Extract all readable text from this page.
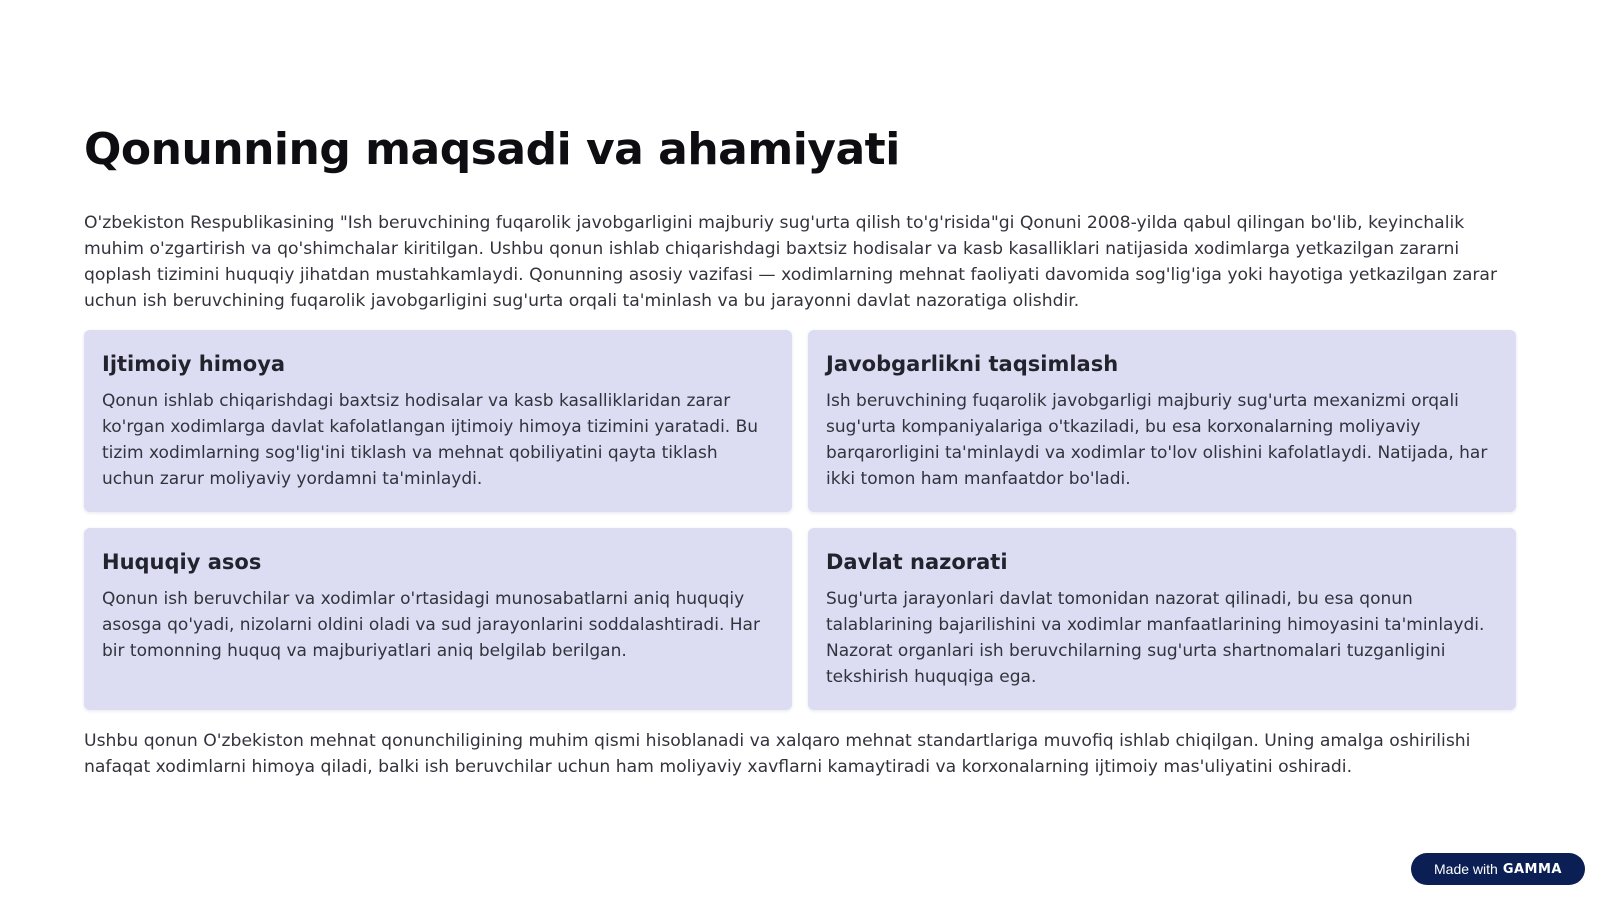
Qonunning maqsadi va ahamiyati

O'zbekiston Respublikasining "Ish beruvchining fuqarolik javobgarligini majburiy sug'urta qilish to'g'risida"gi Qonuni 2008-yilda qabul qilingan bo'lib, keyinchalik muhim o'zgartirish va qo'shimchalar kiritilgan. Ushbu qonun ishlab chiqarishdagi baxtsiz hodisalar va kasb kasalliklari natijasida xodimlarga yetkazilgan zararni qoplash tizimini huquqiy jihatdan mustahkamlaydi. Qonunning asosiy vazifasi — xodimlarning mehnat faoliyati davomida sog'lig'iga yoki hayotiga yetkazilgan zarar uchun ish beruvchining fuqarolik javobgarligini sug'urta orqali ta'minlash va bu jarayonni davlat nazoratiga olishdir.

Ijtimoiy himoya
Qonun ishlab chiqarishdagi baxtsiz hodisalar va kasb kasalliklaridan zarar ko'rgan xodimlarga davlat kafolatlangan ijtimoiy himoya tizimini yaratadi. Bu tizim xodimlarning sog'lig'ini tiklash va mehnat qobiliyatini qayta tiklash uchun zarur moliyaviy yordamni ta'minlaydi.
Javobgarlikni taqsimlash
Ish beruvchining fuqarolik javobgarligi majburiy sug'urta mexanizmi orqali sug'urta kompaniyalariga o'tkaziladi, bu esa korxonalarning moliyaviy barqarorligini ta'minlaydi va xodimlar to'lov olishini kafolatlaydi. Natijada, har ikki tomon ham manfaatdor bo'ladi.
Huquqiy asos
Qonun ish beruvchilar va xodimlar o'rtasidagi munosabatlarni aniq huquqiy asosga qo'yadi, nizolarni oldini oladi va sud jarayonlarini soddalashtiradi. Har bir tomonning huquq va majburiyatlari aniq belgilab berilgan.
Davlat nazorati
Sug'urta jarayonlari davlat tomonidan nazorat qilinadi, bu esa qonun talablarining bajarilishini va xodimlar manfaatlarining himoyasini ta'minlaydi. Nazorat organlari ish beruvchilarning sug'urta shartnomalari tuzganligini tekshirish huquqiga ega.

Ushbu qonun O'zbekiston mehnat qonunchiligining muhim qismi hisoblanadi va xalqaro mehnat standartlariga muvofiq ishlab chiqilgan. Uning amalga oshirilishi nafaqat xodimlarni himoya qiladi, balki ish beruvchilar uchun ham moliyaviy xavflarni kamaytiradi va korxonalarning ijtimoiy mas'uliyatini oshiradi.

Made with GAMMA
